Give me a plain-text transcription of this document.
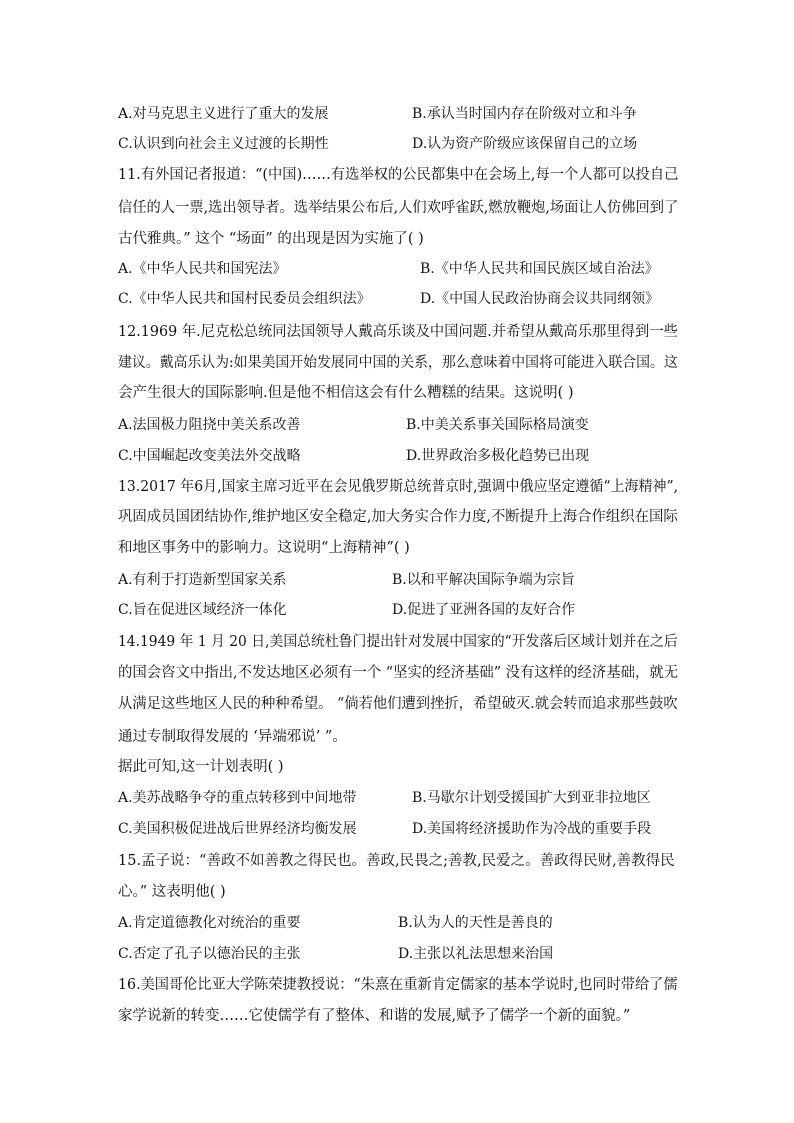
A.对马克思主义进行了重大的发展	B.承认当时国内存在阶级对立和斗争
C.认识到向社会主义过渡的长期性	D.认为资产阶级应该保留自己的立场
11.有外国记者报道：“(中国)……有选举权的公民都集中在会场上,每一个人都可以投自己
信任的人一票,选出领导者。选举结果公布后,人们欢呼雀跃,燃放鞭炮,场面让人仿佛回到了
古代雅典。” 这个 “场面” 的出现是因为实施了( )
A.《中华人民共和国宪法》	B.《中华人民共和国民族区域自治法》
C.《中华人民共和国村民委员会组织法》	D.《中国人民政治协商会议共同纲领》
12.1969 年.尼克松总统同法国领导人戴高乐谈及中国问题.并希望从戴高乐那里得到一些
建议。戴高乐认为:如果美国开始发展同中国的关系，那么意味着中国将可能进入联合国。这
会产生很大的国际影响.但是他不相信这会有什么糟糕的结果。这说明( )
A.法国极力阻挠中美关系改善	B.中美关系事关国际格局演变
C.中国崛起改变美法外交战略	D.世界政治多极化趋势已出现
13.2017 年6月,国家主席习近平在会见俄罗斯总统普京时,强调中俄应坚定遵循“上海精神”,
巩固成员国团结协作,维护地区安全稳定,加大务实合作力度,不断提升上海合作组织在国际
和地区事务中的影响力。这说明“上海精神”( )
A.有利于打造新型国家关系	B.以和平解决国际争端为宗旨
C.旨在促进区域经济一体化	D.促进了亚洲各国的友好合作
14.1949 年 1 月 20 日,美国总统杜鲁门提出针对发展中国家的“开发落后区域计划并在之后
的国会咨文中指出,不发达地区必须有一个 “坚实的经济基础” 没有这样的经济基础，就无
从满足这些地区人民的种种希望。 “倘若他们遭到挫折，希望破灭.就会转而追求那些鼓吹
通过专制取得发展的 ‘异端邪说’ ”。
据此可知,这一计划表明( )
A.美苏战略争夺的重点转移到中间地带	B.马歇尔计划受援国扩大到亚非拉地区
C.美国积极促进战后世界经济均衡发展	D.美国将经济援助作为冷战的重要手段
15.孟子说：“善政不如善教之得民也。善政,民畏之;善教,民爱之。善政得民财,善教得民
心。” 这表明他( )
A.肯定道德教化对统治的重要	B.认为人的天性是善良的
C.否定了孔子以德治民的主张	D.主张以礼法思想来治国
16.美国哥伦比亚大学陈荣捷教授说：“朱熹在重新肯定儒家的基本学说时,也同时带给了儒
家学说新的转变……它使儒学有了整体、和谐的发展,赋予了儒学一个新的面貌。”
